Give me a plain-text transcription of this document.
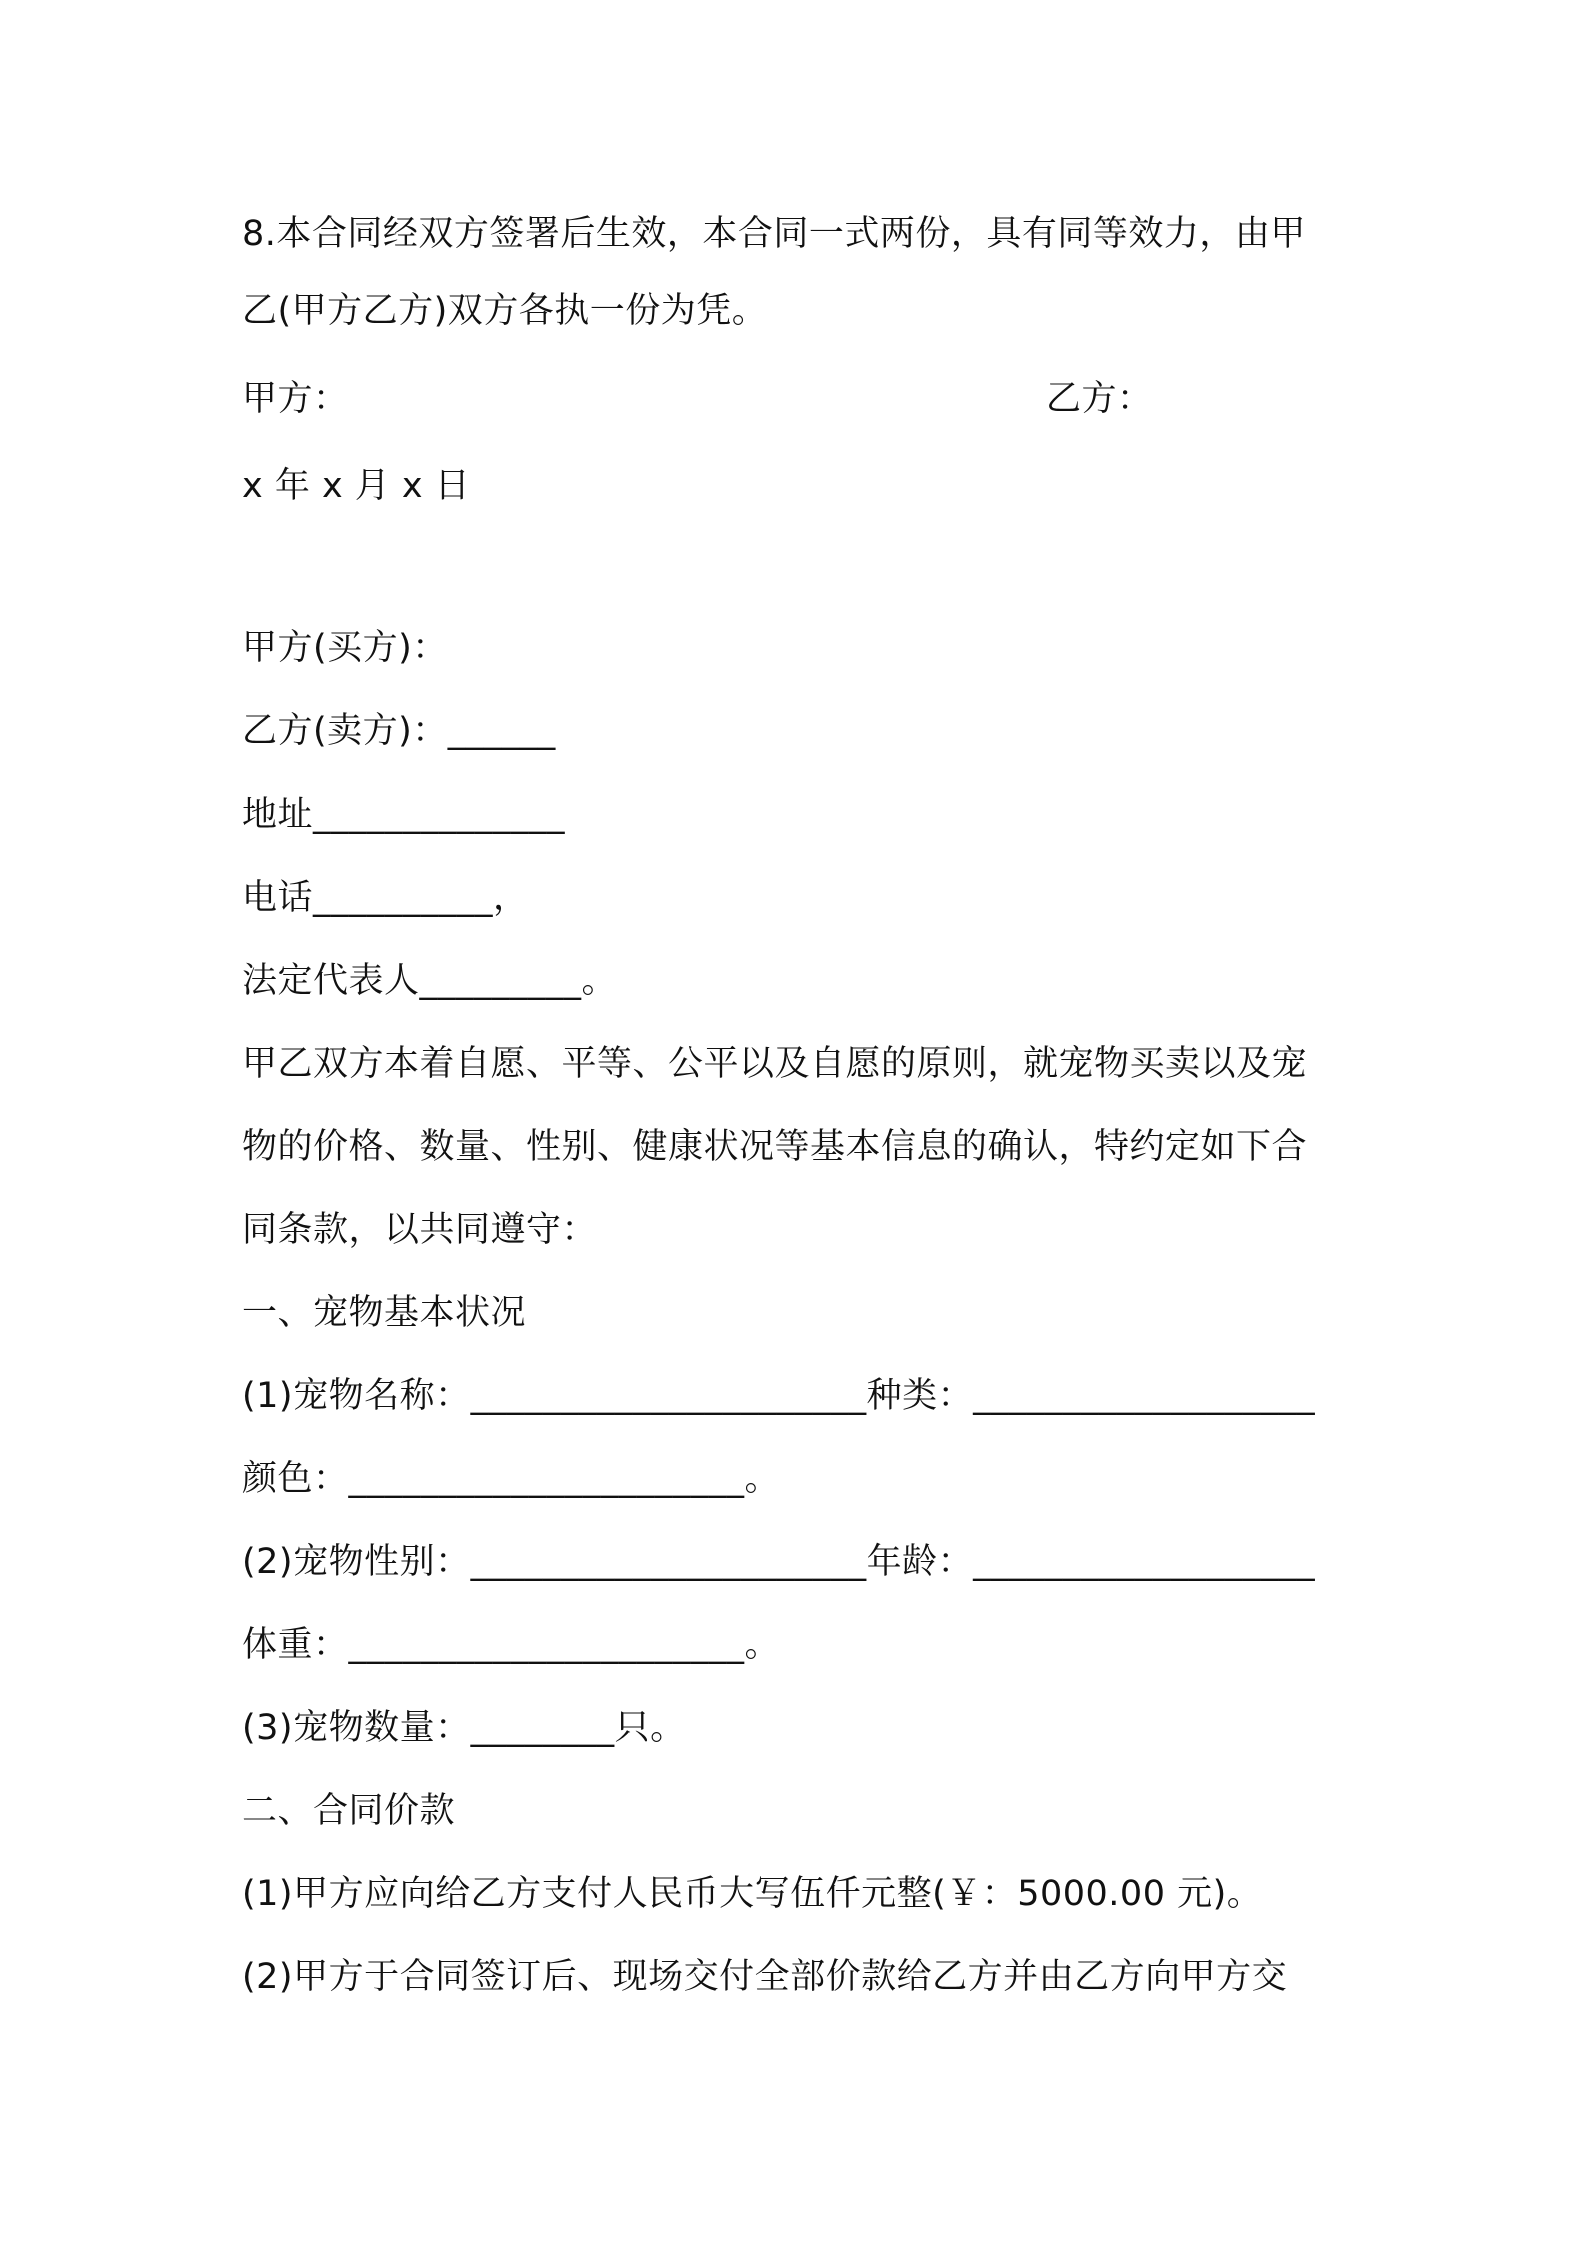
8.本合同经双方签署后生效，本合同一式两份，具有同等效力，由甲
乙(甲方乙方)双方各执一份为凭。
甲方：	乙方：
x 年 x 月 x 日
甲方(买方)：
乙方(卖方)：______
地址______________
电话__________，
法定代表人_________。
甲乙双方本着自愿、平等、公平以及自愿的原则，就宠物买卖以及宠
物的价格、数量、性别、健康状况等基本信息的确认，特约定如下合
同条款，以共同遵守：
一、宠物基本状况
(1)宠物名称：______________________种类：___________________
颜色：______________________。
(2)宠物性别：______________________年龄：___________________
体重：______________________。
(3)宠物数量：________只。
二、合同价款
(1)甲方应向给乙方支付人民币大写伍仟元整(￥：5000.00 元)。
(2)甲方于合同签订后、现场交付全部价款给乙方并由乙方向甲方交
